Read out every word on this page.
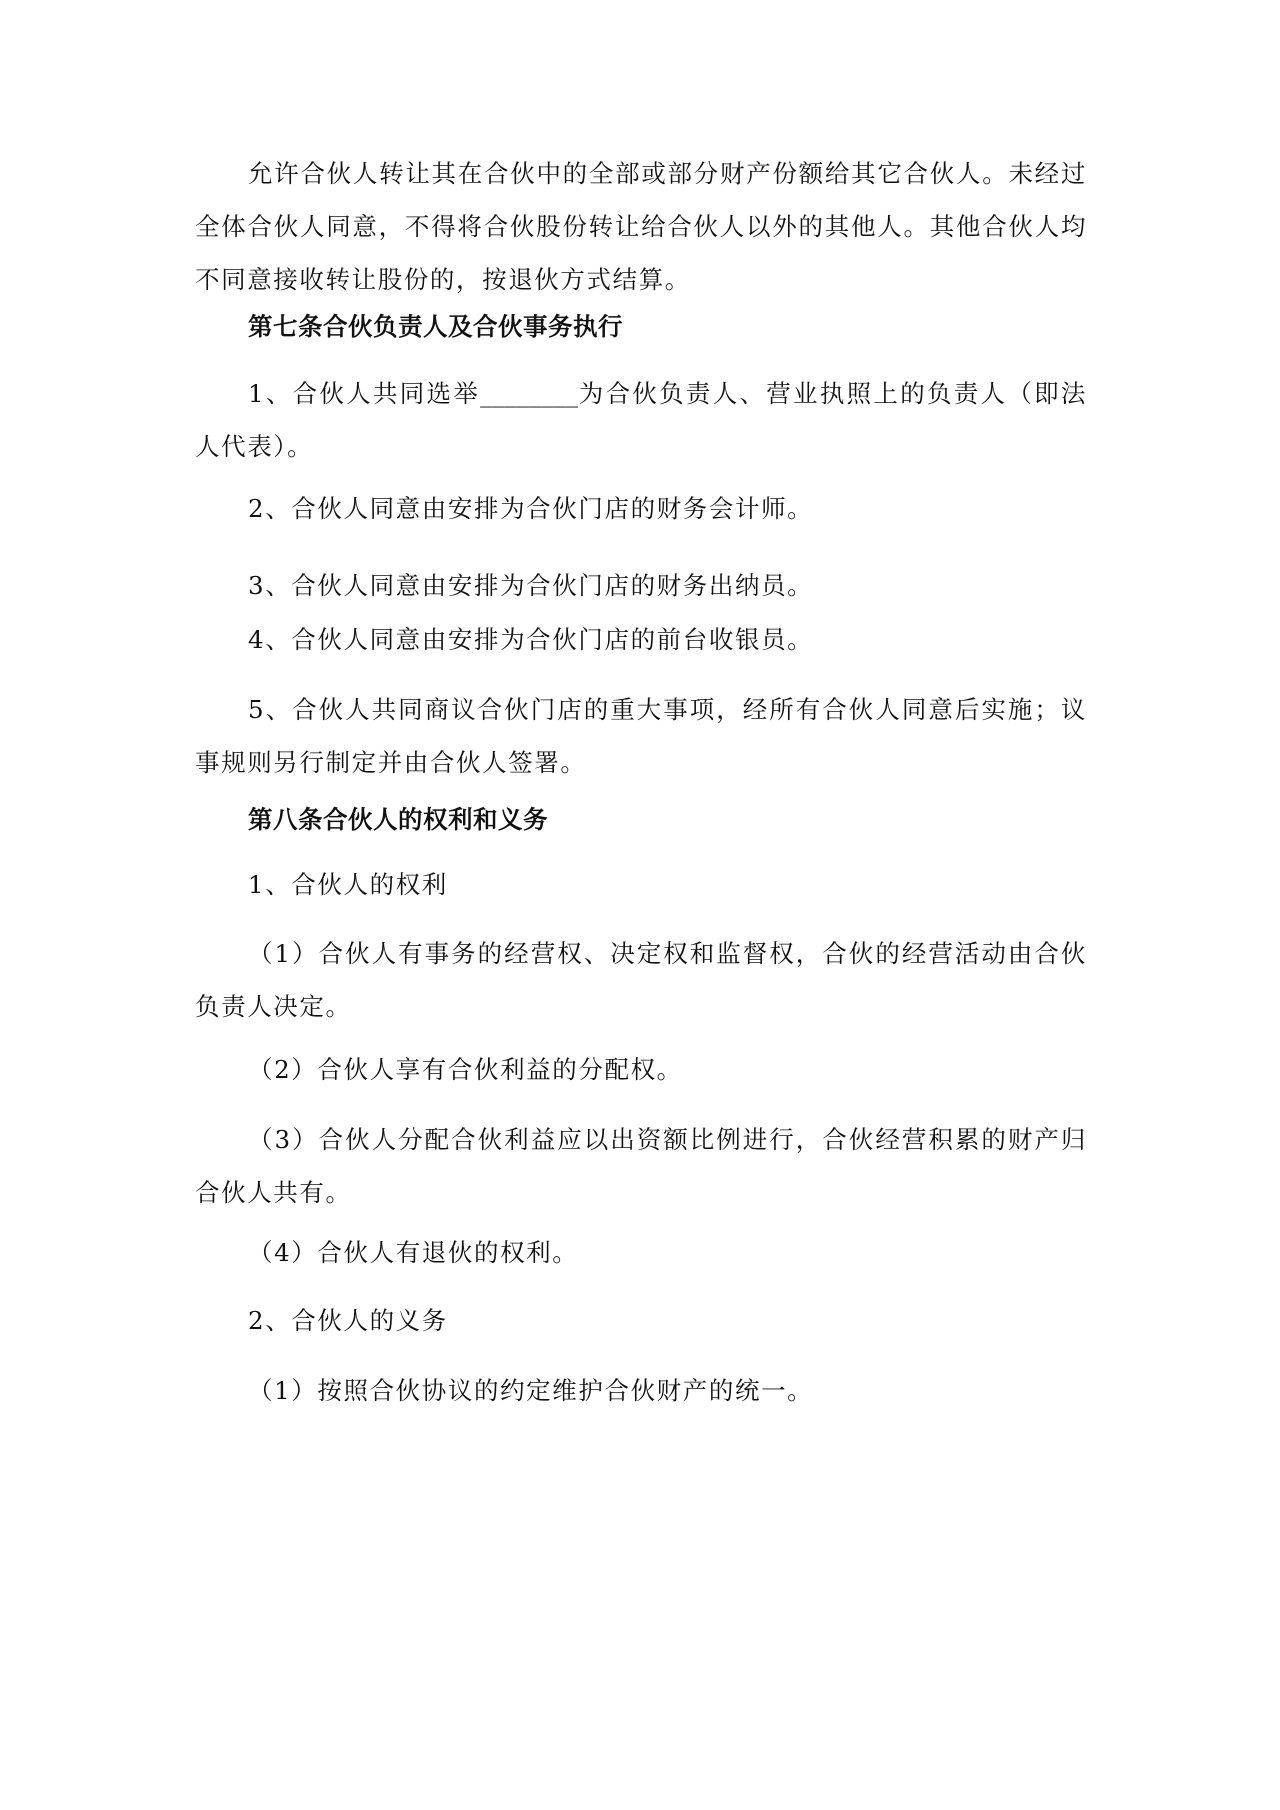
允许合伙人转让其在合伙中的全部或部分财产份额给其它合伙人。未经过全体合伙人同意，不得将合伙股份转让给合伙人以外的其他人。其他合伙人均不同意接收转让股份的，按退伙方式结算。

第七条合伙负责人及合伙事务执行

1、合伙人共同选举________为合伙负责人、营业执照上的负责人（即法人代表）。

2、合伙人同意由安排为合伙门店的财务会计师。

3、合伙人同意由安排为合伙门店的财务出纳员。

4、合伙人同意由安排为合伙门店的前台收银员。

5、合伙人共同商议合伙门店的重大事项，经所有合伙人同意后实施；议事规则另行制定并由合伙人签署。

第八条合伙人的权利和义务

1、合伙人的权利

（1）合伙人有事务的经营权、决定权和监督权，合伙的经营活动由合伙负责人决定。

（2）合伙人享有合伙利益的分配权。

（3）合伙人分配合伙利益应以出资额比例进行，合伙经营积累的财产归合伙人共有。

（4）合伙人有退伙的权利。

2、合伙人的义务

（1）按照合伙协议的约定维护合伙财产的统一。
